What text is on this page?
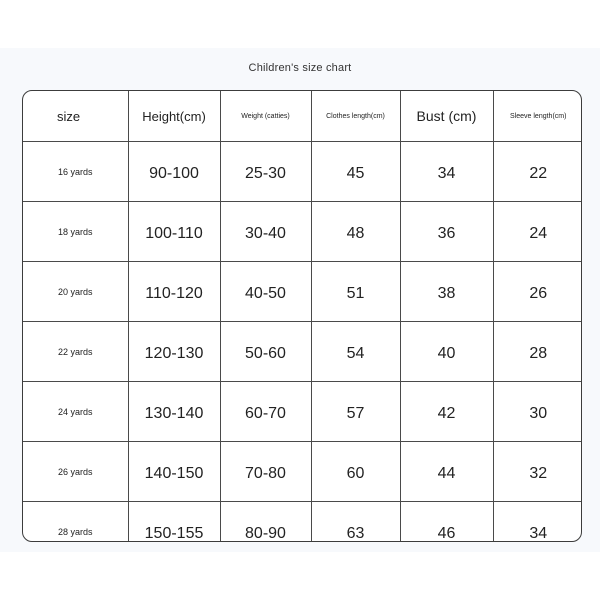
Children's size chart
size	Height(cm)	Weight (catties)	Clothes length(cm)	Bust (cm)	Sleeve length(cm)
16 yards	90-100	25-30	45	34	22
18 yards	100-110	30-40	48	36	24
20 yards	110-120	40-50	51	38	26
22 yards	120-130	50-60	54	40	28
24 yards	130-140	60-70	57	42	30
26 yards	140-150	70-80	60	44	32
28 yards	150-155	80-90	63	46	34
